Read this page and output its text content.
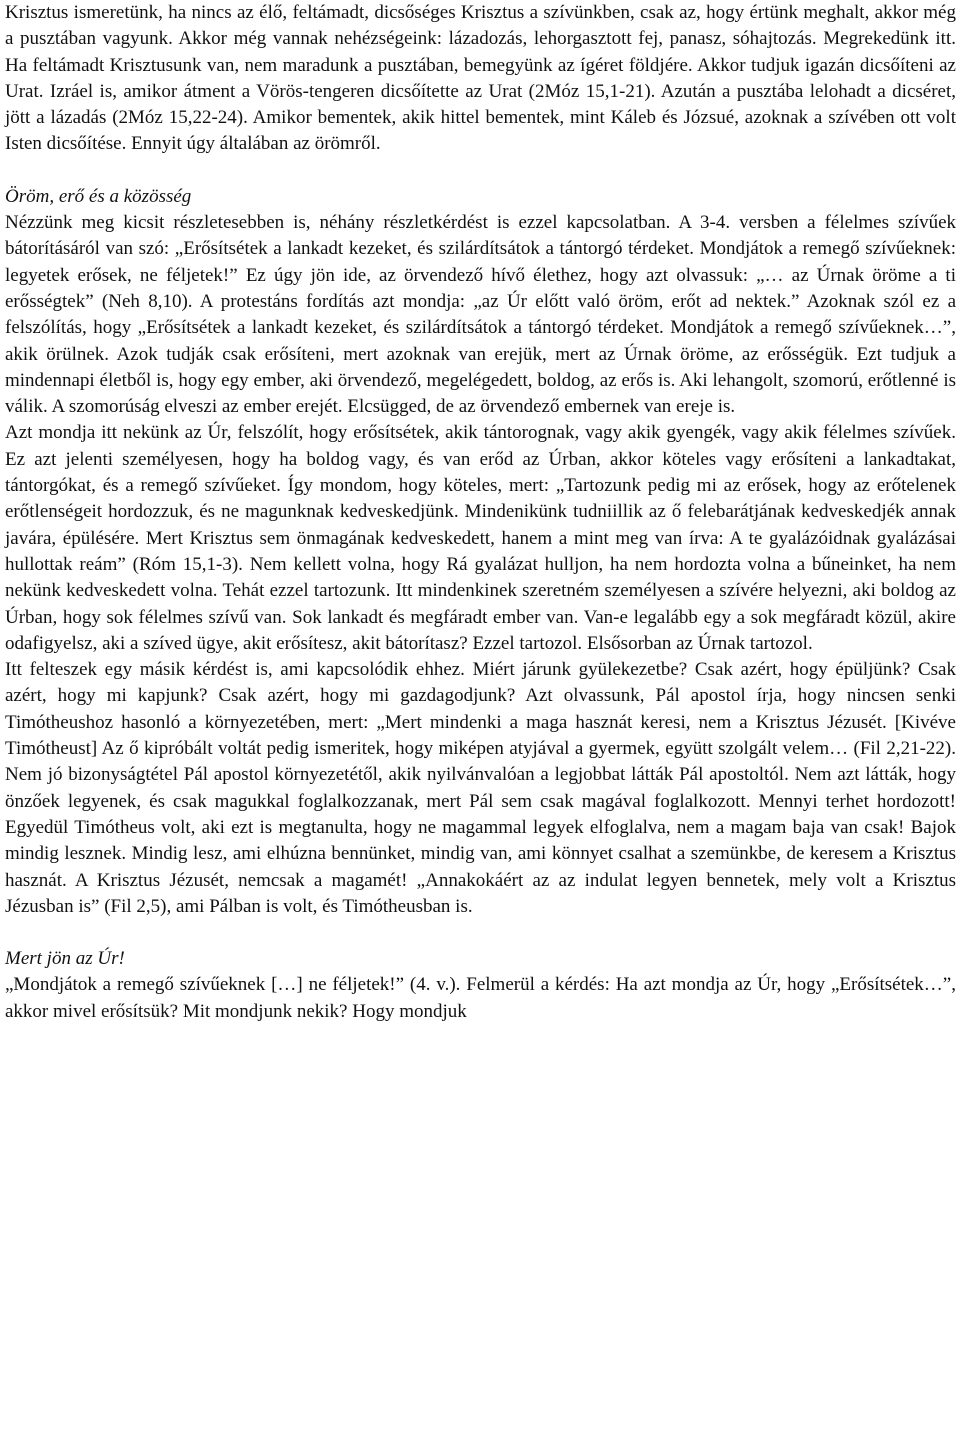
Krisztus ismeretünk, ha nincs az élő, feltámadt, dicsőséges Krisztus a szívünkben, csak az, hogy értünk meghalt, akkor még a pusztában vagyunk. Akkor még vannak nehézségeink: lázadozás, lehorgasztott fej, panasz, sóhajtozás. Megrekedünk itt. Ha feltámadt Krisztusunk van, nem maradunk a pusztában, bemegyünk az ígéret földjére. Akkor tudjuk igazán dicsőíteni az Urat. Izráel is, amikor átment a Vörös-tengeren dicsőítette az Urat (2Móz 15,1-21). Azután a pusztába lelohadt a dicséret, jött a lázadás (2Móz 15,22-24). Amikor bementek, akik hittel bementek, mint Káleb és Józsué, azoknak a szívében ott volt Isten dicsőítése. Ennyit úgy általában az örömről.

Öröm, erő és a közösség

Nézzünk meg kicsit részletesebben is, néhány részletkérdést is ezzel kapcsolatban. A 3-4. versben a félelmes szívűek bátorításáról van szó: „Erősítsétek a lankadt kezeket, és szilárdítsátok a tántorgó térdeket. Mondjátok a remegő szívűeknek: legyetek erősek, ne féljetek!” Ez úgy jön ide, az örvendező hívő élethez, hogy azt olvassuk: „… az Úrnak öröme a ti erősségtek” (Neh 8,10). A protestáns fordítás azt mondja: „az Úr előtt való öröm, erőt ad nektek.” Azoknak szól ez a felszólítás, hogy „Erősítsétek a lankadt kezeket, és szilárdítsátok a tántorgó térdeket. Mondjátok a remegő szívűeknek…”, akik örülnek. Azok tudják csak erősíteni, mert azoknak van erejük, mert az Úrnak öröme, az erősségük. Ezt tudjuk a mindennapi életből is, hogy egy ember, aki örvendező, megelégedett, boldog, az erős is. Aki lehangolt, szomorú, erőtlenné is válik. A szomorúság elveszi az ember erejét. Elcsügged, de az örvendező embernek van ereje is.

Azt mondja itt nekünk az Úr, felszólít, hogy erősítsétek, akik tántorognak, vagy akik gyengék, vagy akik félelmes szívűek. Ez azt jelenti személyesen, hogy ha boldog vagy, és van erőd az Úrban, akkor köteles vagy erősíteni a lankadtakat, tántorgókat, és a remegő szívűeket. Így mondom, hogy köteles, mert: „Tartozunk pedig mi az erősek, hogy az erőtelenek erőtlenségeit hordozzuk, és ne magunknak kedveskedjünk. Mindenikünk tudniillik az ő felebarátjának kedveskedjék annak javára, épülésére. Mert Krisztus sem önmagának kedveskedett, hanem a mint meg van írva: A te gyalázóidnak gyalázásai hullottak reám” (Róm 15,1-3). Nem kellett volna, hogy Rá gyalázat hulljon, ha nem hordozta volna a bűneinket, ha nem nekünk kedveskedett volna. Tehát ezzel tartozunk. Itt mindenkinek szeretném személyesen a szívére helyezni, aki boldog az Úrban, hogy sok félelmes szívű van. Sok lankadt és megfáradt ember van. Van-e legalább egy a sok megfáradt közül, akire odafigyelsz, aki a szíved ügye, akit erősítesz, akit bátorítasz? Ezzel tartozol. Elsősorban az Úrnak tartozol.

Itt felteszek egy másik kérdést is, ami kapcsolódik ehhez. Miért járunk gyülekezetbe? Csak azért, hogy épüljünk? Csak azért, hogy mi kapjunk? Csak azért, hogy mi gazdagodjunk? Azt olvassunk, Pál apostol írja, hogy nincsen senki Timótheushoz hasonló a környezetében, mert: „Mert mindenki a maga hasznát keresi, nem a Krisztus Jézusét. [Kivéve Timótheust] Az ő kipróbált voltát pedig ismeritek, hogy miképen atyjával a gyermek, együtt szolgált velem… (Fil 2,21-22). Nem jó bizonyságtétel Pál apostol környezetétől, akik nyilvánvalóan a legjobbat látták Pál apostoltól. Nem azt látták, hogy önzőek legyenek, és csak magukkal foglalkozzanak, mert Pál sem csak magával foglalkozott. Mennyi terhet hordozott! Egyedül Timótheus volt, aki ezt is megtanulta, hogy ne magammal legyek elfoglalva, nem a magam baja van csak! Bajok mindig lesznek. Mindig lesz, ami elhúzna bennünket, mindig van, ami könnyet csalhat a szemünkbe, de keresem a Krisztus hasznát. A Krisztus Jézusét, nemcsak a magamét! „Annakokáért az az indulat legyen bennetek, mely volt a Krisztus Jézusban is” (Fil 2,5), ami Pálban is volt, és Timótheusban is.

Mert jön az Úr!

„Mondjátok a remegő szívűeknek […] ne féljetek!” (4. v.). Felmerül a kérdés: Ha azt mondja az Úr, hogy „Erősítsétek…”, akkor mivel erősítsük? Mit mondjunk nekik? Hogy mondjuk
